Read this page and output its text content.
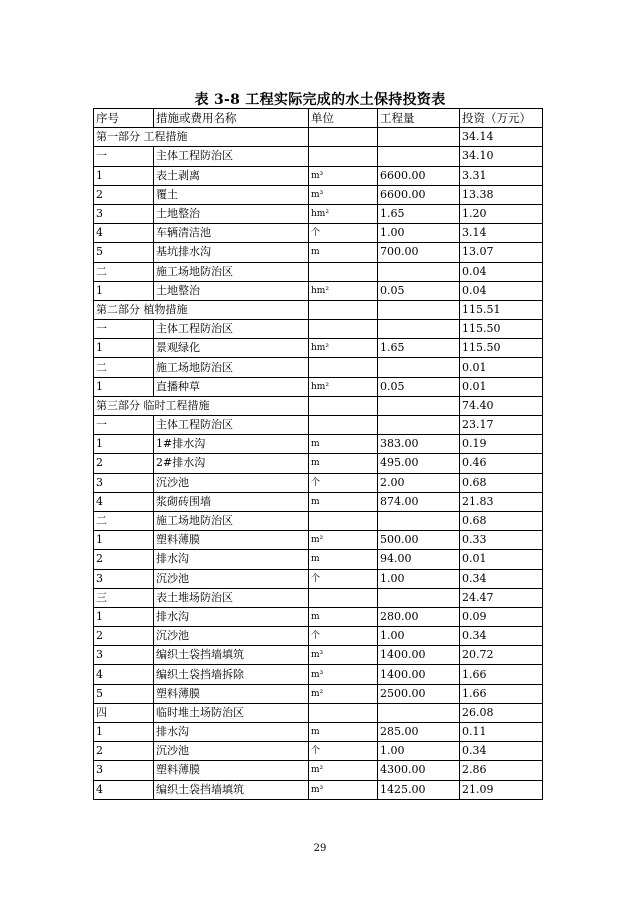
表 3-8 工程实际完成的水土保持投资表
序号	措施或费用名称	单位	工程量	投资（万元）
第一部分 工程措施				34.14
一	主体工程防治区			34.10
1	表土剥离	m³	6600.00	3.31
2	覆土	m³	6600.00	13.38
3	土地整治	hm²	1.65	1.20
4	车辆清洁池	个	1.00	3.14
5	基坑排水沟	m	700.00	13.07
二	施工场地防治区			0.04
1	土地整治	hm²	0.05	0.04
第二部分 植物措施				115.51
一	主体工程防治区			115.50
1	景观绿化	hm²	1.65	115.50
二	施工场地防治区			0.01
1	直播种草	hm²	0.05	0.01
第三部分 临时工程措施				74.40
一	主体工程防治区			23.17
1	1#排水沟	m	383.00	0.19
2	2#排水沟	m	495.00	0.46
3	沉沙池	个	2.00	0.68
4	浆砌砖围墙	m	874.00	21.83
二	施工场地防治区			0.68
1	塑料薄膜	m²	500.00	0.33
2	排水沟	m	94.00	0.01
3	沉沙池	个	1.00	0.34
三	表土堆场防治区			24.47
1	排水沟	m	280.00	0.09
2	沉沙池	个	1.00	0.34
3	编织土袋挡墙填筑	m³	1400.00	20.72
4	编织土袋挡墙拆除	m³	1400.00	1.66
5	塑料薄膜	m²	2500.00	1.66
四	临时堆土场防治区			26.08
1	排水沟	m	285.00	0.11
2	沉沙池	个	1.00	0.34
3	塑料薄膜	m²	4300.00	2.86
4	编织土袋挡墙填筑	m³	1425.00	21.09
29
